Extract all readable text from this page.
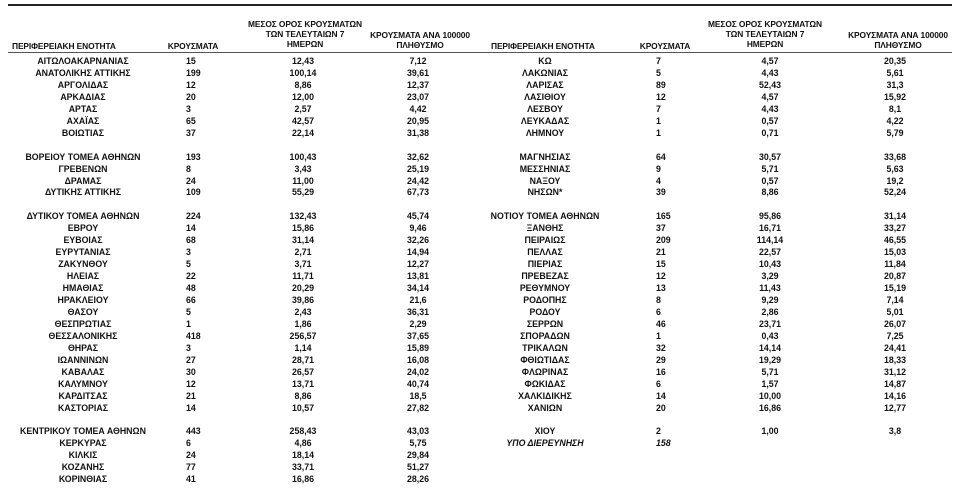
ΠΕΡΙΦΕΡΕΙΑΚΗ ΕΝΟΤΗΤΑ	ΚΡΟΥΣΜΑΤΑ
ΜΕΣΟΣ ΟΡΟΣ ΚΡΟΥΣΜΑΤΩΝ
ΤΩΝ ΤΕΛΕΥΤΑΙΩΝ 7
ΗΜΕΡΩΝ
ΚΡΟΥΣΜΑΤΑ ΑΝΑ 100000
ΠΛΗΘΥΣΜΟ	ΠΕΡΙΦΕΡΕΙΑΚΗ ΕΝΟΤΗΤΑ	ΚΡΟΥΣΜΑΤΑ
ΜΕΣΟΣ ΟΡΟΣ ΚΡΟΥΣΜΑΤΩΝ
ΤΩΝ ΤΕΛΕΥΤΑΙΩΝ 7
ΗΜΕΡΩΝ
ΚΡΟΥΣΜΑΤΑ ΑΝΑ 100000
ΠΛΗΘΥΣΜΟ
ΑΙΤΩΛΟΑΚΑΡΝΑΝΙΑΣ	15	12,43	7,12
ΑΝΑΤΟΛΙΚΗΣ ΑΤΤΙΚΗΣ	199	100,14	39,61
ΑΡΓΟΛΙΔΑΣ	12	8,86	12,37
ΑΡΚΑΔΙΑΣ	20	12,00	23,07
ΑΡΤΑΣ	3	2,57	4,42
ΑΧΑΪΑΣ	65	42,57	20,95
ΒΟΙΩΤΙΑΣ	37	22,14	31,38
ΒΟΡΕΙΟΥ ΤΟΜΕΑ ΑΘΗΝΩΝ	193	100,43	32,62
ΓΡΕΒΕΝΩΝ	8	3,43	25,19
ΔΡΑΜΑΣ	24	11,00	24,42
ΔΥΤΙΚΗΣ ΑΤΤΙΚΗΣ	109	55,29	67,73
ΔΥΤΙΚΟΥ ΤΟΜΕΑ ΑΘΗΝΩΝ	224	132,43	45,74
ΕΒΡΟΥ	14	15,86	9,46
ΕΥΒΟΙΑΣ	68	31,14	32,26
ΕΥΡΥΤΑΝΙΑΣ	3	2,71	14,94
ΖΑΚΥΝΘΟΥ	5	3,71	12,27
ΗΛΕΙΑΣ	22	11,71	13,81
ΗΜΑΘΙΑΣ	48	20,29	34,14
ΗΡΑΚΛΕΙΟΥ	66	39,86	21,6
ΘΑΣΟΥ	5	2,43	36,31
ΘΕΣΠΡΩΤΙΑΣ	1	1,86	2,29
ΘΕΣΣΑΛΟΝΙΚΗΣ	418	256,57	37,65
ΘΗΡΑΣ	3	1,14	15,89
ΙΩΑΝΝΙΝΩΝ	27	28,71	16,08
ΚΑΒΑΛΑΣ	30	26,57	24,02
ΚΑΛΥΜΝΟΥ	12	13,71	40,74
ΚΑΡΔΙΤΣΑΣ	21	8,86	18,5
ΚΑΣΤΟΡΙΑΣ	14	10,57	27,82
ΚΕΝΤΡΙΚΟΥ ΤΟΜΕΑ ΑΘΗΝΩΝ	443	258,43	43,03
ΚΕΡΚΥΡΑΣ	6	4,86	5,75
ΚΙΛΚΙΣ	24	18,14	29,84
ΚΟΖΑΝΗΣ	77	33,71	51,27
ΚΟΡΙΝΘΙΑΣ	41	16,86	28,26
ΚΩ	7	4,57	20,35
ΛΑΚΩΝΙΑΣ	5	4,43	5,61
ΛΑΡΙΣΑΣ	89	52,43	31,3
ΛΑΣΙΘΙΟΥ	12	4,57	15,92
ΛΕΣΒΟΥ	7	4,43	8,1
ΛΕΥΚΑΔΑΣ	1	0,57	4,22
ΛΗΜΝΟΥ	1	0,71	5,79
ΜΑΓΝΗΣΙΑΣ	64	30,57	33,68
ΜΕΣΣΗΝΙΑΣ	9	5,71	5,63
ΝΑΞΟΥ	4	0,57	19,2
ΝΗΣΩΝ*	39	8,86	52,24
ΝΟΤΙΟΥ ΤΟΜΕΑ ΑΘΗΝΩΝ	165	95,86	31,14
ΞΑΝΘΗΣ	37	16,71	33,27
ΠΕΙΡΑΙΩΣ	209	114,14	46,55
ΠΕΛΛΑΣ	21	22,57	15,03
ΠΙΕΡΙΑΣ	15	10,43	11,84
ΠΡΕΒΕΖΑΣ	12	3,29	20,87
ΡΕΘΥΜΝΟΥ	13	11,43	15,19
ΡΟΔΟΠΗΣ	8	9,29	7,14
ΡΟΔΟΥ	6	2,86	5,01
ΣΕΡΡΩΝ	46	23,71	26,07
ΣΠΟΡΑΔΩΝ	1	0,43	7,25
ΤΡΙΚΑΛΩΝ	32	14,14	24,41
ΦΘΙΩΤΙΔΑΣ	29	19,29	18,33
ΦΛΩΡΙΝΑΣ	16	5,71	31,12
ΦΩΚΙΔΑΣ	6	1,57	14,87
ΧΑΛΚΙΔΙΚΗΣ	14	10,00	14,16
ΧΑΝΙΩΝ	20	16,86	12,77
ΧΙΟΥ	2	1,00	3,8
ΥΠΟ ΔΙΕΡΕΥΝΗΣΗ	158
